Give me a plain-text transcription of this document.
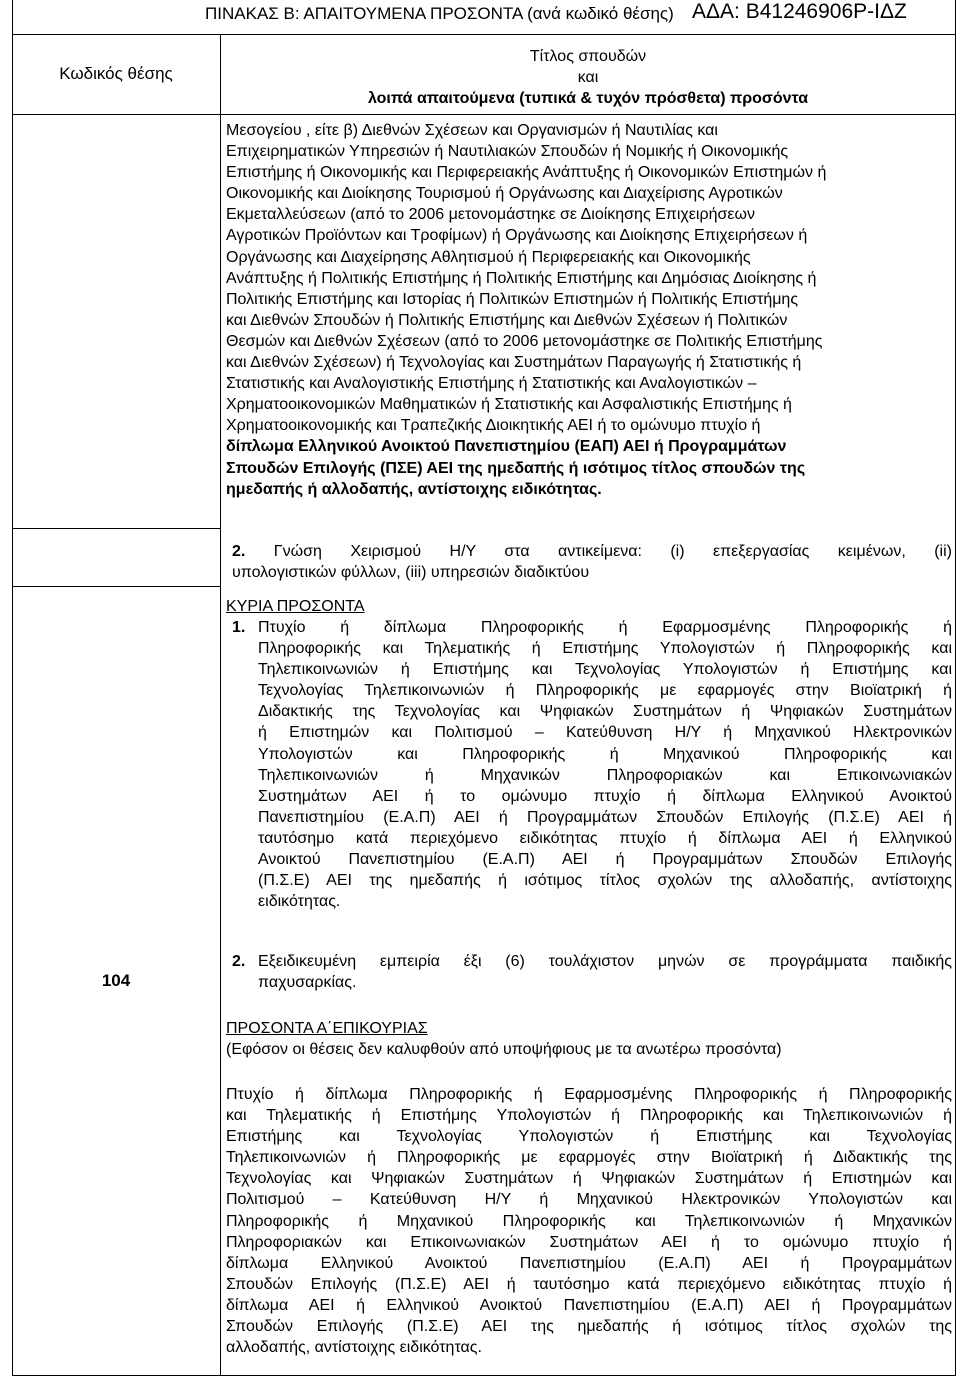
ΠΙΝΑΚΑΣ Β: ΑΠΑΙΤΟΥΜΕΝΑ ΠΡΟΣΟΝΤΑ (ανά κωδικό θέσης) ΑΔΑ: Β41246906Ρ-ΙΔΖ
Κωδικός θέσης
Τίτλος σπουδών
και
λοιπά απαιτούμενα (τυπικά & τυχόν πρόσθετα) προσόντα
Μεσογείου , είτε β) Διεθνών Σχέσεων και Οργανισμών ή Ναυτιλίας και
Επιχειρηματικών Υπηρεσιών ή Ναυτιλιακών Σπουδών ή Νομικής ή Οικονομικής
Επιστήμης ή Οικονομικής και Περιφερειακής Ανάπτυξης ή Οικονομικών Επιστημών ή
Οικονομικής και Διοίκησης Τουρισμού ή Οργάνωσης και Διαχείρισης Αγροτικών
Εκμεταλλεύσεων (από το 2006 μετονομάστηκε σε Διοίκησης Επιχειρήσεων
Αγροτικών Προϊόντων και Τροφίμων) ή Οργάνωσης και Διοίκησης Επιχειρήσεων ή
Οργάνωσης και Διαχείρησης Αθλητισμού ή Περιφερειακής και Οικονομικής
Ανάπτυξης ή Πολιτικής Επιστήμης ή Πολιτικής Επιστήμης και Δημόσιας Διοίκησης ή
Πολιτικής Επιστήμης και Ιστορίας ή Πολιτικών Επιστημών ή Πολιτικής Επιστήμης
και Διεθνών Σπουδών ή Πολιτικής Επιστήμης και Διεθνών Σχέσεων ή Πολιτικών
Θεσμών και Διεθνών Σχέσεων (από το 2006 μετονομάστηκε σε Πολιτικής Επιστήμης
και Διεθνών Σχέσεων) ή Τεχνολογίας και Συστημάτων Παραγωγής ή Στατιστικής ή
Στατιστικής και Αναλογιστικής Επιστήμης ή Στατιστικής και Αναλογιστικών –
Χρηματοοικονομικών Μαθηματικών ή Στατιστικής και Ασφαλιστικής Επιστήμης ή
Χρηματοοικονομικής και Τραπεζικής Διοικητικής ΑΕΙ ή το ομώνυμο πτυχίο ή
δίπλωμα Ελληνικού Ανοικτού Πανεπιστημίου (ΕΑΠ) ΑΕΙ ή Προγραμμάτων
Σπουδών Επιλογής (ΠΣΕ) ΑΕΙ της ημεδαπής ή ισότιμος τίτλος σπουδών της
ημεδαπής ή αλλοδαπής, αντίστοιχης ειδικότητας.
2. Γνώση Χειρισμού Η/Υ στα αντικείμενα: (i) επεξεργασίας κειμένων, (ii)
υπολογιστικών φύλλων, (iii) υπηρεσιών διαδικτύου
ΚΥΡΙΑ ΠΡΟΣΟΝΤΑ
1. Πτυχίο ή δίπλωμα Πληροφορικής ή Εφαρμοσμένης Πληροφορικής ή
Πληροφορικής και Τηλεματικής ή Επιστήμης Υπολογιστών ή Πληροφορικής και
Τηλεπικοινωνιών ή Επιστήμης και Τεχνολογίας Υπολογιστών ή Επιστήμης και
Τεχνολογίας Τηλεπικοινωνιών ή Πληροφορικής με εφαρμογές στην Βιοϊατρική ή
Διδακτικής της Τεχνολογίας και Ψηφιακών Συστημάτων ή Ψηφιακών Συστημάτων
ή Επιστημών και Πολιτισμού – Κατεύθυνση Η/Υ ή Μηχανικού Ηλεκτρονικών
Υπολογιστών και Πληροφορικής ή Μηχανικού Πληροφορικής και
Τηλεπικοινωνιών ή Μηχανικών Πληροφοριακών και Επικοινωνιακών
Συστημάτων ΑΕΙ ή το ομώνυμο πτυχίο ή δίπλωμα Ελληνικού Ανοικτού
Πανεπιστημίου (Ε.Α.Π) ΑΕΙ ή Προγραμμάτων Σπουδών Επιλογής (Π.Σ.Ε) ΑΕΙ ή
ταυτόσημο κατά περιεχόμενο ειδικότητας πτυχίο ή δίπλωμα ΑΕΙ ή Ελληνικού
Ανοικτού Πανεπιστημίου (Ε.Α.Π) ΑΕΙ ή Προγραμμάτων Σπουδών Επιλογής
(Π.Σ.Ε) ΑΕΙ της ημεδαπής ή ισότιμος τίτλος σχολών της αλλοδαπής, αντίστοιχης
ειδικότητας.
104
2. Εξειδικευμένη εμπειρία έξι (6) τουλάχιστον μηνών σε προγράμματα παιδικής
παχυσαρκίας.
ΠΡΟΣΟΝΤΑ Α΄ΕΠΙΚΟΥΡΙΑΣ
(Εφόσον οι θέσεις δεν καλυφθούν από υποψήφιους με τα ανωτέρω προσόντα)
Πτυχίο ή δίπλωμα Πληροφορικής ή Εφαρμοσμένης Πληροφορικής ή Πληροφορικής
και Τηλεματικής ή Επιστήμης Υπολογιστών ή Πληροφορικής και Τηλεπικοινωνιών ή
Επιστήμης και Τεχνολογίας Υπολογιστών ή Επιστήμης και Τεχνολογίας
Τηλεπικοινωνιών ή Πληροφορικής με εφαρμογές στην Βιοϊατρική ή Διδακτικής της
Τεχνολογίας και Ψηφιακών Συστημάτων ή Ψηφιακών Συστημάτων ή Επιστημών και
Πολιτισμού – Κατεύθυνση Η/Υ ή Μηχανικού Ηλεκτρονικών Υπολογιστών και
Πληροφορικής ή Μηχανικού Πληροφορικής και Τηλεπικοινωνιών ή Μηχανικών
Πληροφοριακών και Επικοινωνιακών Συστημάτων ΑΕΙ ή το ομώνυμο πτυχίο ή
δίπλωμα Ελληνικού Ανοικτού Πανεπιστημίου (Ε.Α.Π) ΑΕΙ ή Προγραμμάτων
Σπουδών Επιλογής (Π.Σ.Ε) ΑΕΙ ή ταυτόσημο κατά περιεχόμενο ειδικότητας πτυχίο ή
δίπλωμα ΑΕΙ ή Ελληνικού Ανοικτού Πανεπιστημίου (Ε.Α.Π) ΑΕΙ ή Προγραμμάτων
Σπουδών Επιλογής (Π.Σ.Ε) ΑΕΙ της ημεδαπής ή ισότιμος τίτλος σχολών της
αλλοδαπής, αντίστοιχης ειδικότητας.
